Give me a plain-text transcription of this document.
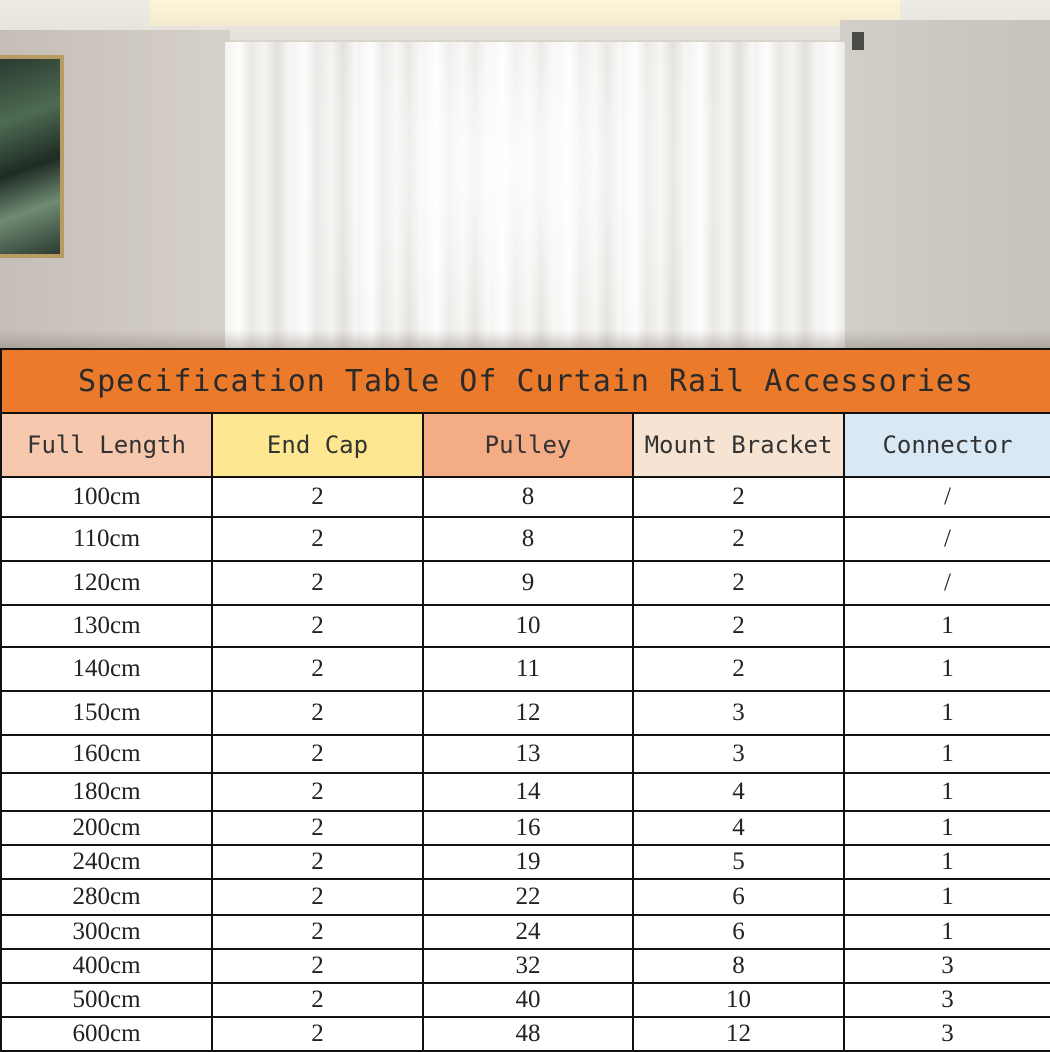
Specification Table Of Curtain Rail Accessories				
Full Length	End Cap	Pulley	Mount Bracket	Connector
100cm	2	8	2	/
110cm	2	8	2	/
120cm	2	9	2	/
130cm	2	10	2	1
140cm	2	11	2	1
150cm	2	12	3	1
160cm	2	13	3	1
180cm	2	14	4	1
200cm	2	16	4	1
240cm	2	19	5	1
280cm	2	22	6	1
300cm	2	24	6	1
400cm	2	32	8	3
500cm	2	40	10	3
600cm	2	48	12	3
